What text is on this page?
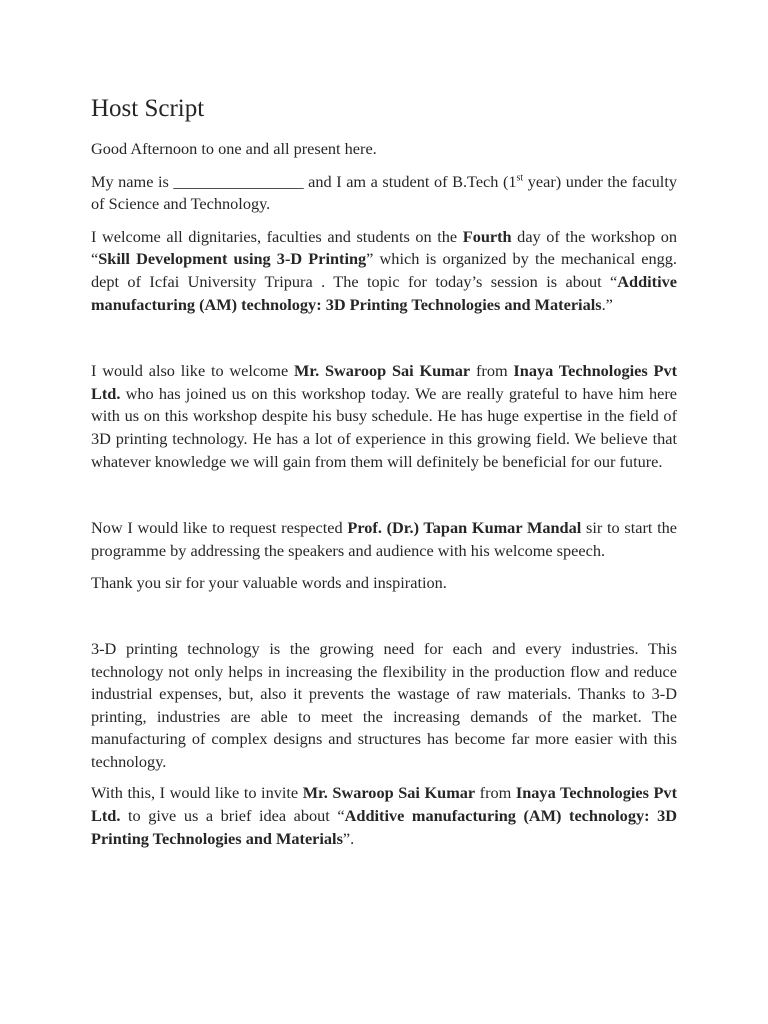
Host Script

Good Afternoon to one and all present here.

My name is ________________ and I am a student of B.Tech (1st year) under the faculty of Science and Technology.

I welcome all dignitaries, faculties and students on the Fourth day of the workshop on “Skill Development using 3-D Printing” which is organized by the mechanical engg. dept of Icfai University Tripura . The topic for today’s session is about “Additive manufacturing (AM) technology: 3D Printing Technologies and Materials.”

I would also like to welcome Mr. Swaroop Sai Kumar from Inaya Technologies Pvt Ltd. who has joined us on this workshop today. We are really grateful to have him here with us on this workshop despite his busy schedule. He has huge expertise in the field of 3D printing technology. He has a lot of experience in this growing field. We believe that whatever knowledge we will gain from them will definitely be beneficial for our future.

Now I would like to request respected Prof. (Dr.) Tapan Kumar Mandal sir to start the programme by addressing the speakers and audience with his welcome speech.

Thank you sir for your valuable words and inspiration.

3-D printing technology is the growing need for each and every industries. This technology not only helps in increasing the flexibility in the production flow and reduce industrial expenses, but, also it prevents the wastage of raw materials. Thanks to 3-D printing, industries are able to meet the increasing demands of the market. The manufacturing of complex designs and structures has become far more easier with this technology.

With this, I would like to invite Mr. Swaroop Sai Kumar from Inaya Technologies Pvt Ltd. to give us a brief idea about “Additive manufacturing (AM) technology: 3D Printing Technologies and Materials”.
